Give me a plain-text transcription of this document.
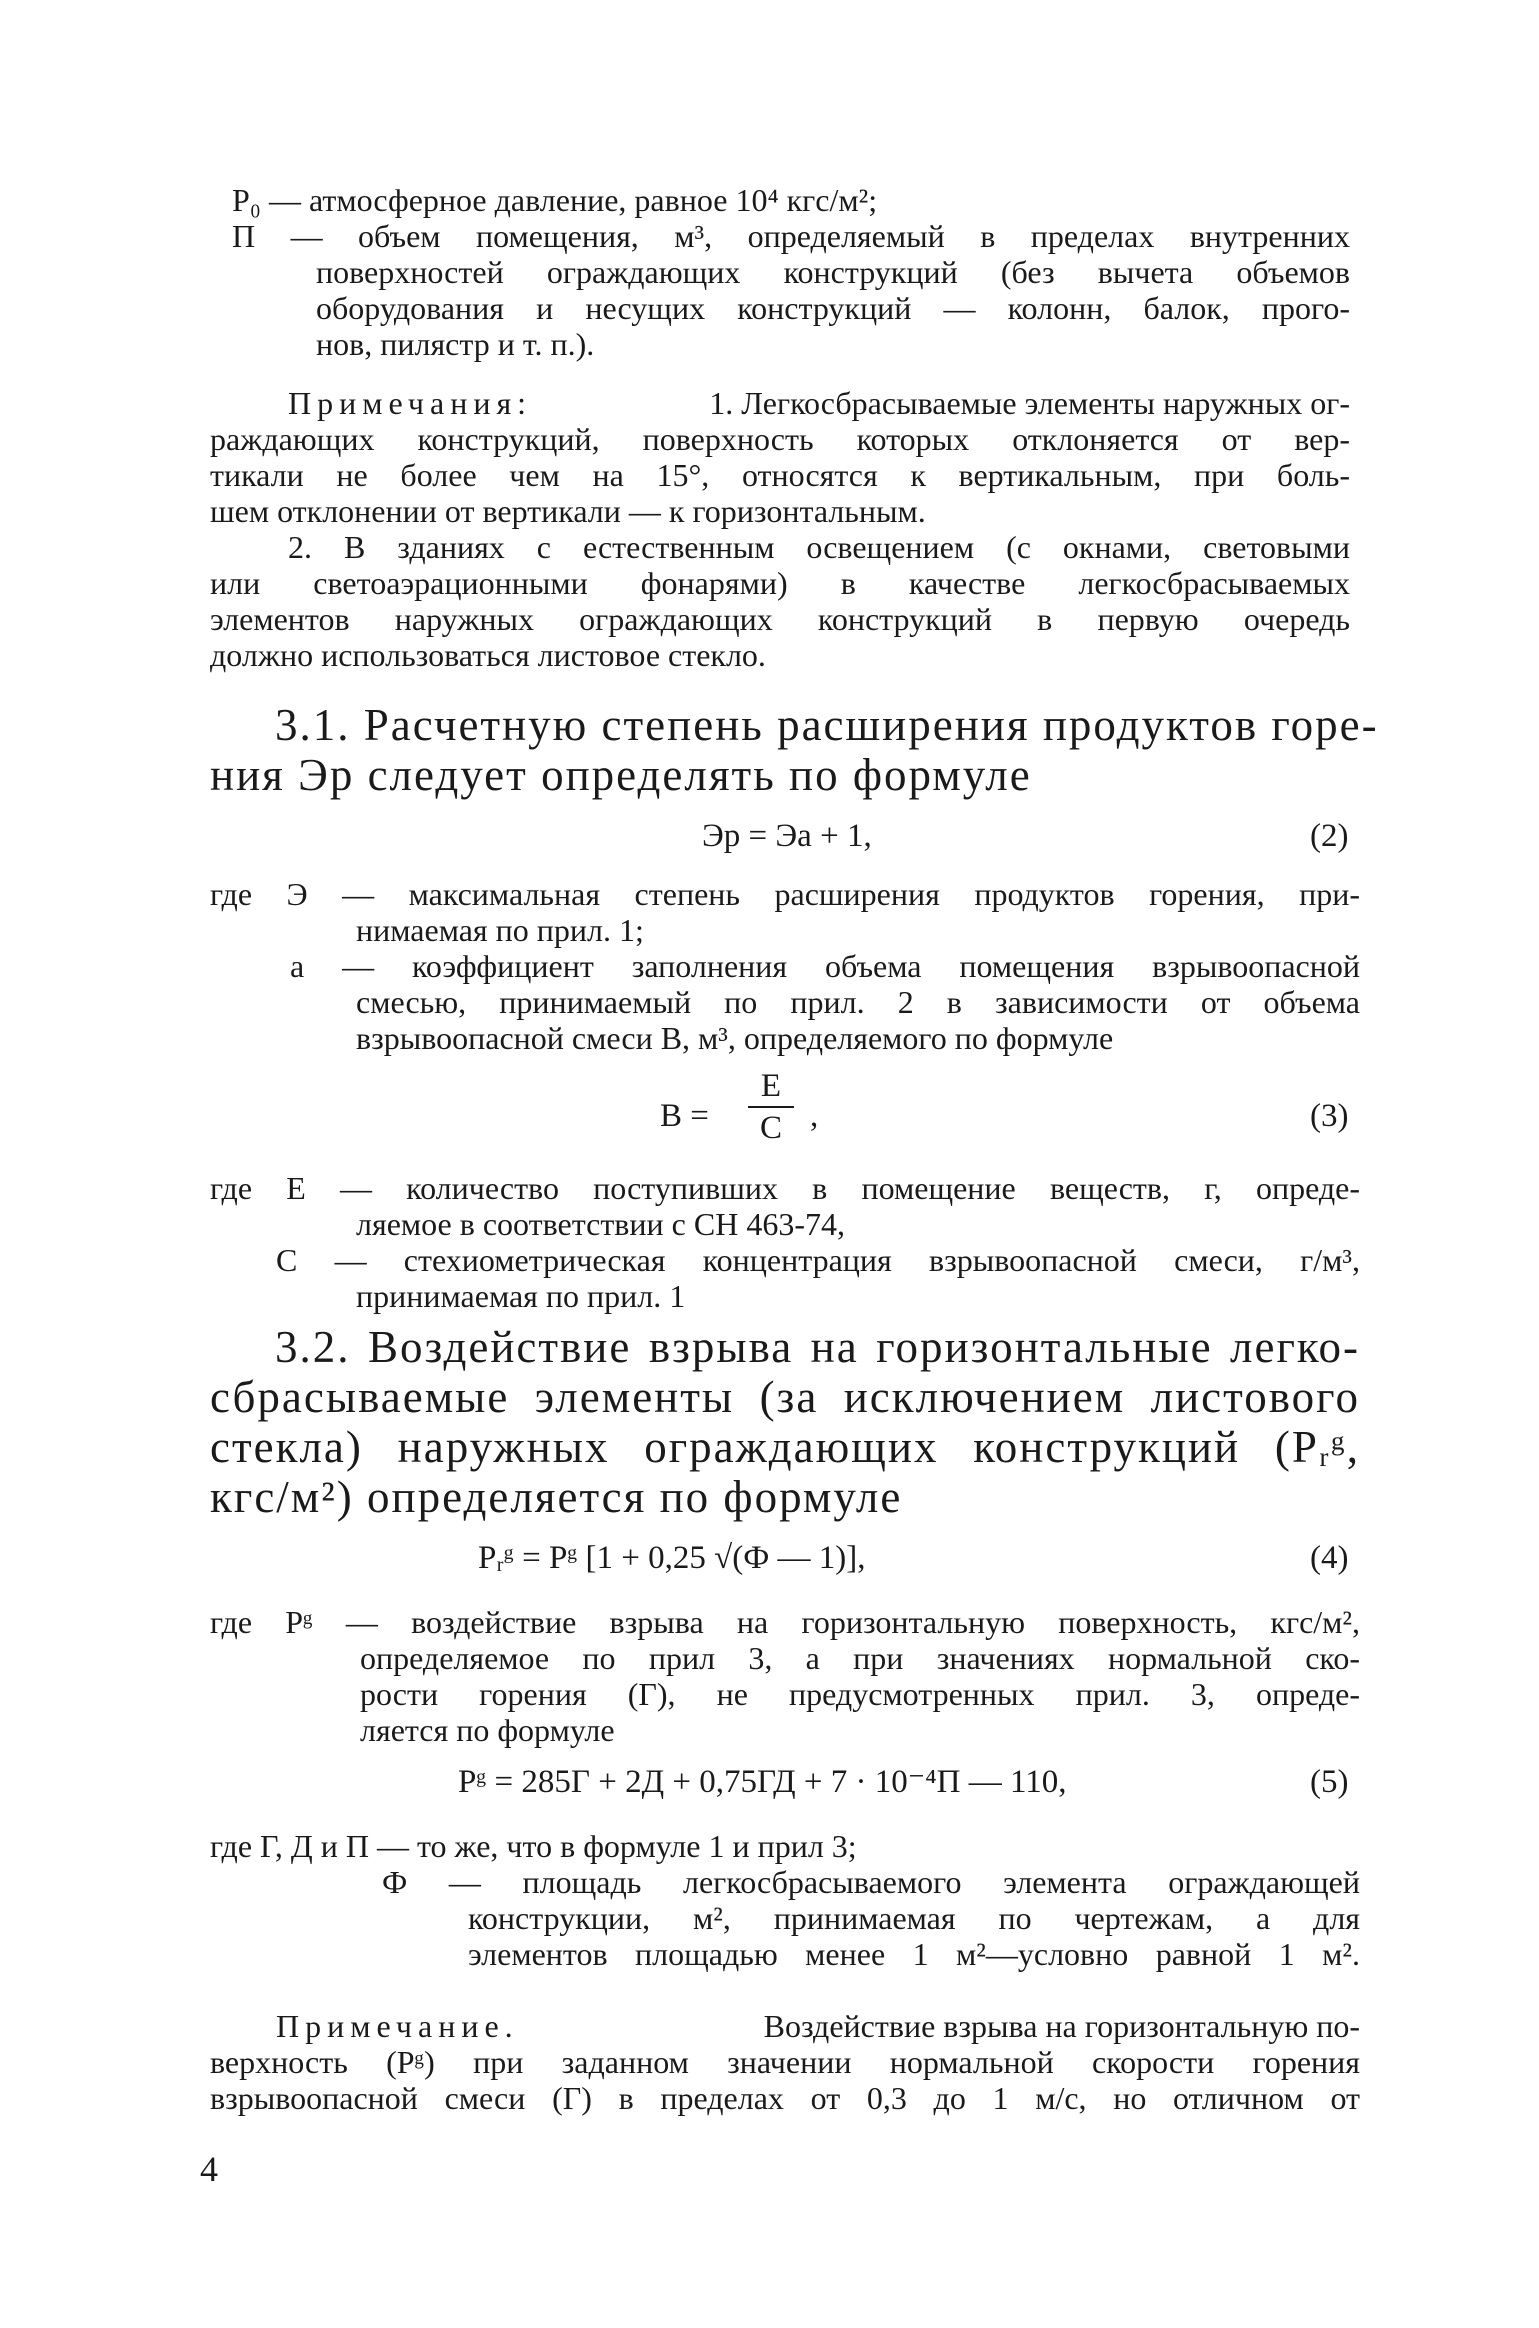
P₀ — атмосферное давление, равное 10⁴ кгс/м²;
П — объем помещения, м³, определяемый в пределах внутренних
поверхностей ограждающих конструкций (без вычета объемов
оборудования и несущих конструкций — колонн, балок, прого-
нов, пилястр и т. п.).
Примечания:	1. Легкосбрасываемые элементы наружных ог-
раждающих конструкций, поверхность которых отклоняется от вер-
тикали не более чем на 15°, относятся к вертикальным, при боль-
шем отклонении от вертикали — к горизонтальным.
2. В зданиях с естественным освещением (с окнами, световыми
или светоаэрационными фонарями) в качестве легкосбрасываемых
элементов наружных ограждающих конструкций в первую очередь
должно использоваться листовое стекло.
3.1. Расчетную степень расширения продуктов горе-
ния Эр следует определять по формуле
Эр = Эа + 1,	(2)
где Э — максимальная степень расширения продуктов горения, при-
нимаемая по прил. 1;
а — коэффициент заполнения объема помещения взрывоопасной
смесью, принимаемый по прил. 2 в зависимости от объема
взрывоопасной смеси В, м³, определяемого по формуле
B =
E
C ,	(3)
где Е — количество поступивших в помещение веществ, г, опреде-
ляемое в соответствии с СН 463-74,
С — стехиометрическая концентрация взрывоопасной смеси, г/м³,
принимаемая по прил. 1
3.2. Воздействие взрыва на горизонтальные легко-
сбрасываемые элементы (за исключением листового
стекла) наружных ограждающих конструкций (Pᵣᵍ,
кгс/м²) определяется по формуле
Pᵣᵍ = Pᵍ [1 + 0,25 √(Ф — 1)],	(4)
где Pᵍ — воздействие взрыва на горизонтальную поверхность, кгс/м²,
определяемое по прил 3, а при значениях нормальной ско-
рости горения (Г), не предусмотренных прил. 3, опреде-
ляется по формуле
Pᵍ = 285Г + 2Д + 0,75ГД + 7 · 10⁻⁴П — 110,	(5)
где Г, Д и П — то же, что в формуле 1 и прил 3;
Ф — площадь легкосбрасываемого элемента ограждающей
конструкции, м², принимаемая по чертежам, а для
элементов площадью менее 1 м²—условно равной 1 м².
Примечание.	Воздействие взрыва на горизонтальную по-
верхность (Pᵍ) при заданном значении нормальной скорости горения
взрывоопасной смеси (Г) в пределах от 0,3 до 1 м/с, но отличном от
4
